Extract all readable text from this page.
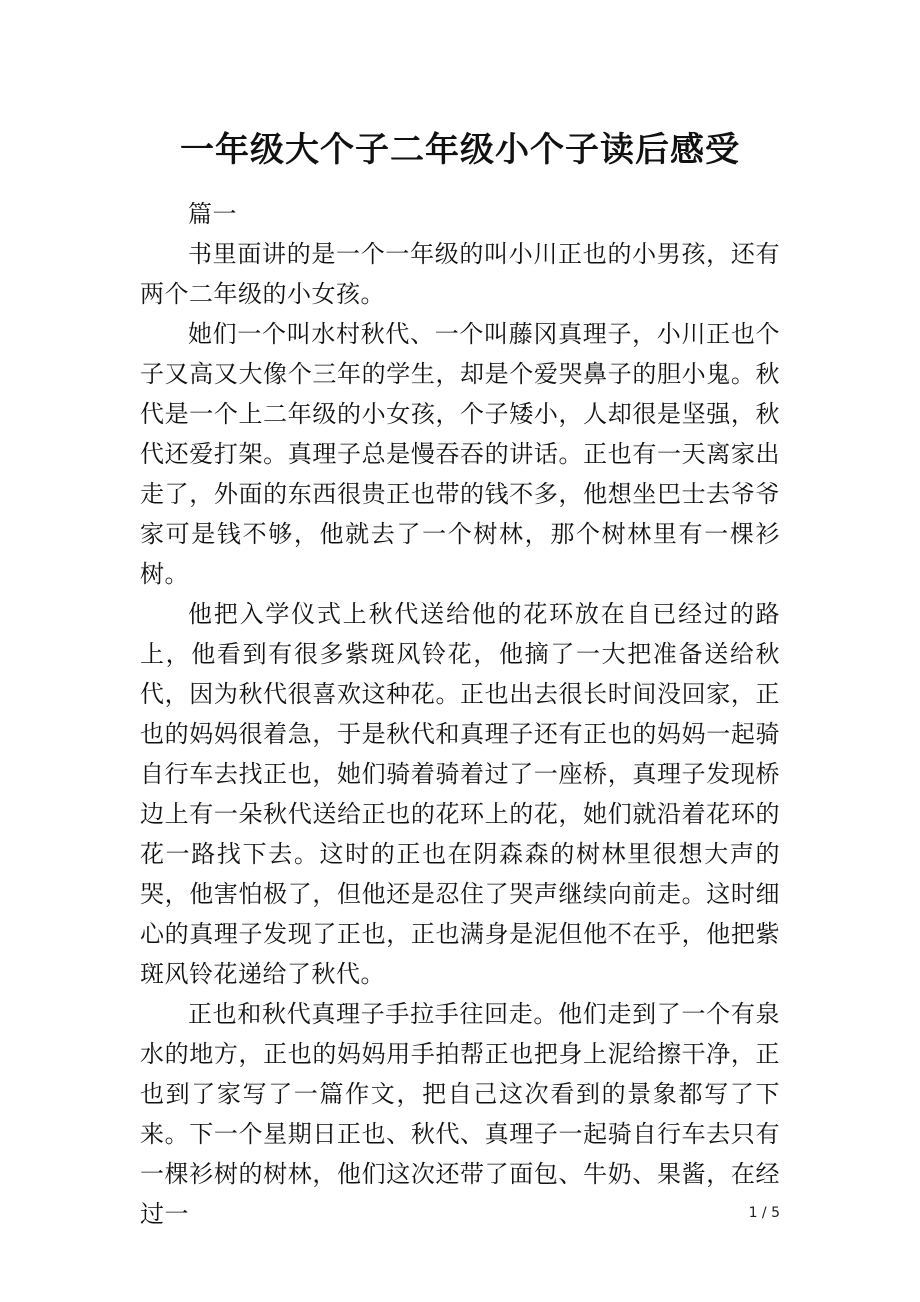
一年级大个子二年级小个子读后感受

篇一

书里面讲的是一个一年级的叫小川正也的小男孩，还有两个二年级的小女孩。

她们一个叫水村秋代、一个叫藤冈真理子，小川正也个子又高又大像个三年的学生，却是个爱哭鼻子的胆小鬼。秋代是一个上二年级的小女孩，个子矮小，人却很是坚强，秋代还爱打架。真理子总是慢吞吞的讲话。正也有一天离家出走了，外面的东西很贵正也带的钱不多，他想坐巴士去爷爷家可是钱不够，他就去了一个树林，那个树林里有一棵衫树。

他把入学仪式上秋代送给他的花环放在自已经过的路上，他看到有很多紫斑风铃花，他摘了一大把准备送给秋代，因为秋代很喜欢这种花。正也出去很长时间没回家，正也的妈妈很着急，于是秋代和真理子还有正也的妈妈一起骑自行车去找正也，她们骑着骑着过了一座桥，真理子发现桥边上有一朵秋代送给正也的花环上的花，她们就沿着花环的花一路找下去。这时的正也在阴森森的树林里很想大声的哭，他害怕极了，但他还是忍住了哭声继续向前走。这时细心的真理子发现了正也，正也满身是泥但他不在乎，他把紫斑风铃花递给了秋代。

正也和秋代真理子手拉手往回走。他们走到了一个有泉水的地方，正也的妈妈用手拍帮正也把身上泥给擦干净，正也到了家写了一篇作文，把自己这次看到的景象都写了下来。下一个星期日正也、秋代、真理子一起骑自行车去只有一棵衫树的树林，他们这次还带了面包、牛奶、果酱，在经过一	1 / 5
